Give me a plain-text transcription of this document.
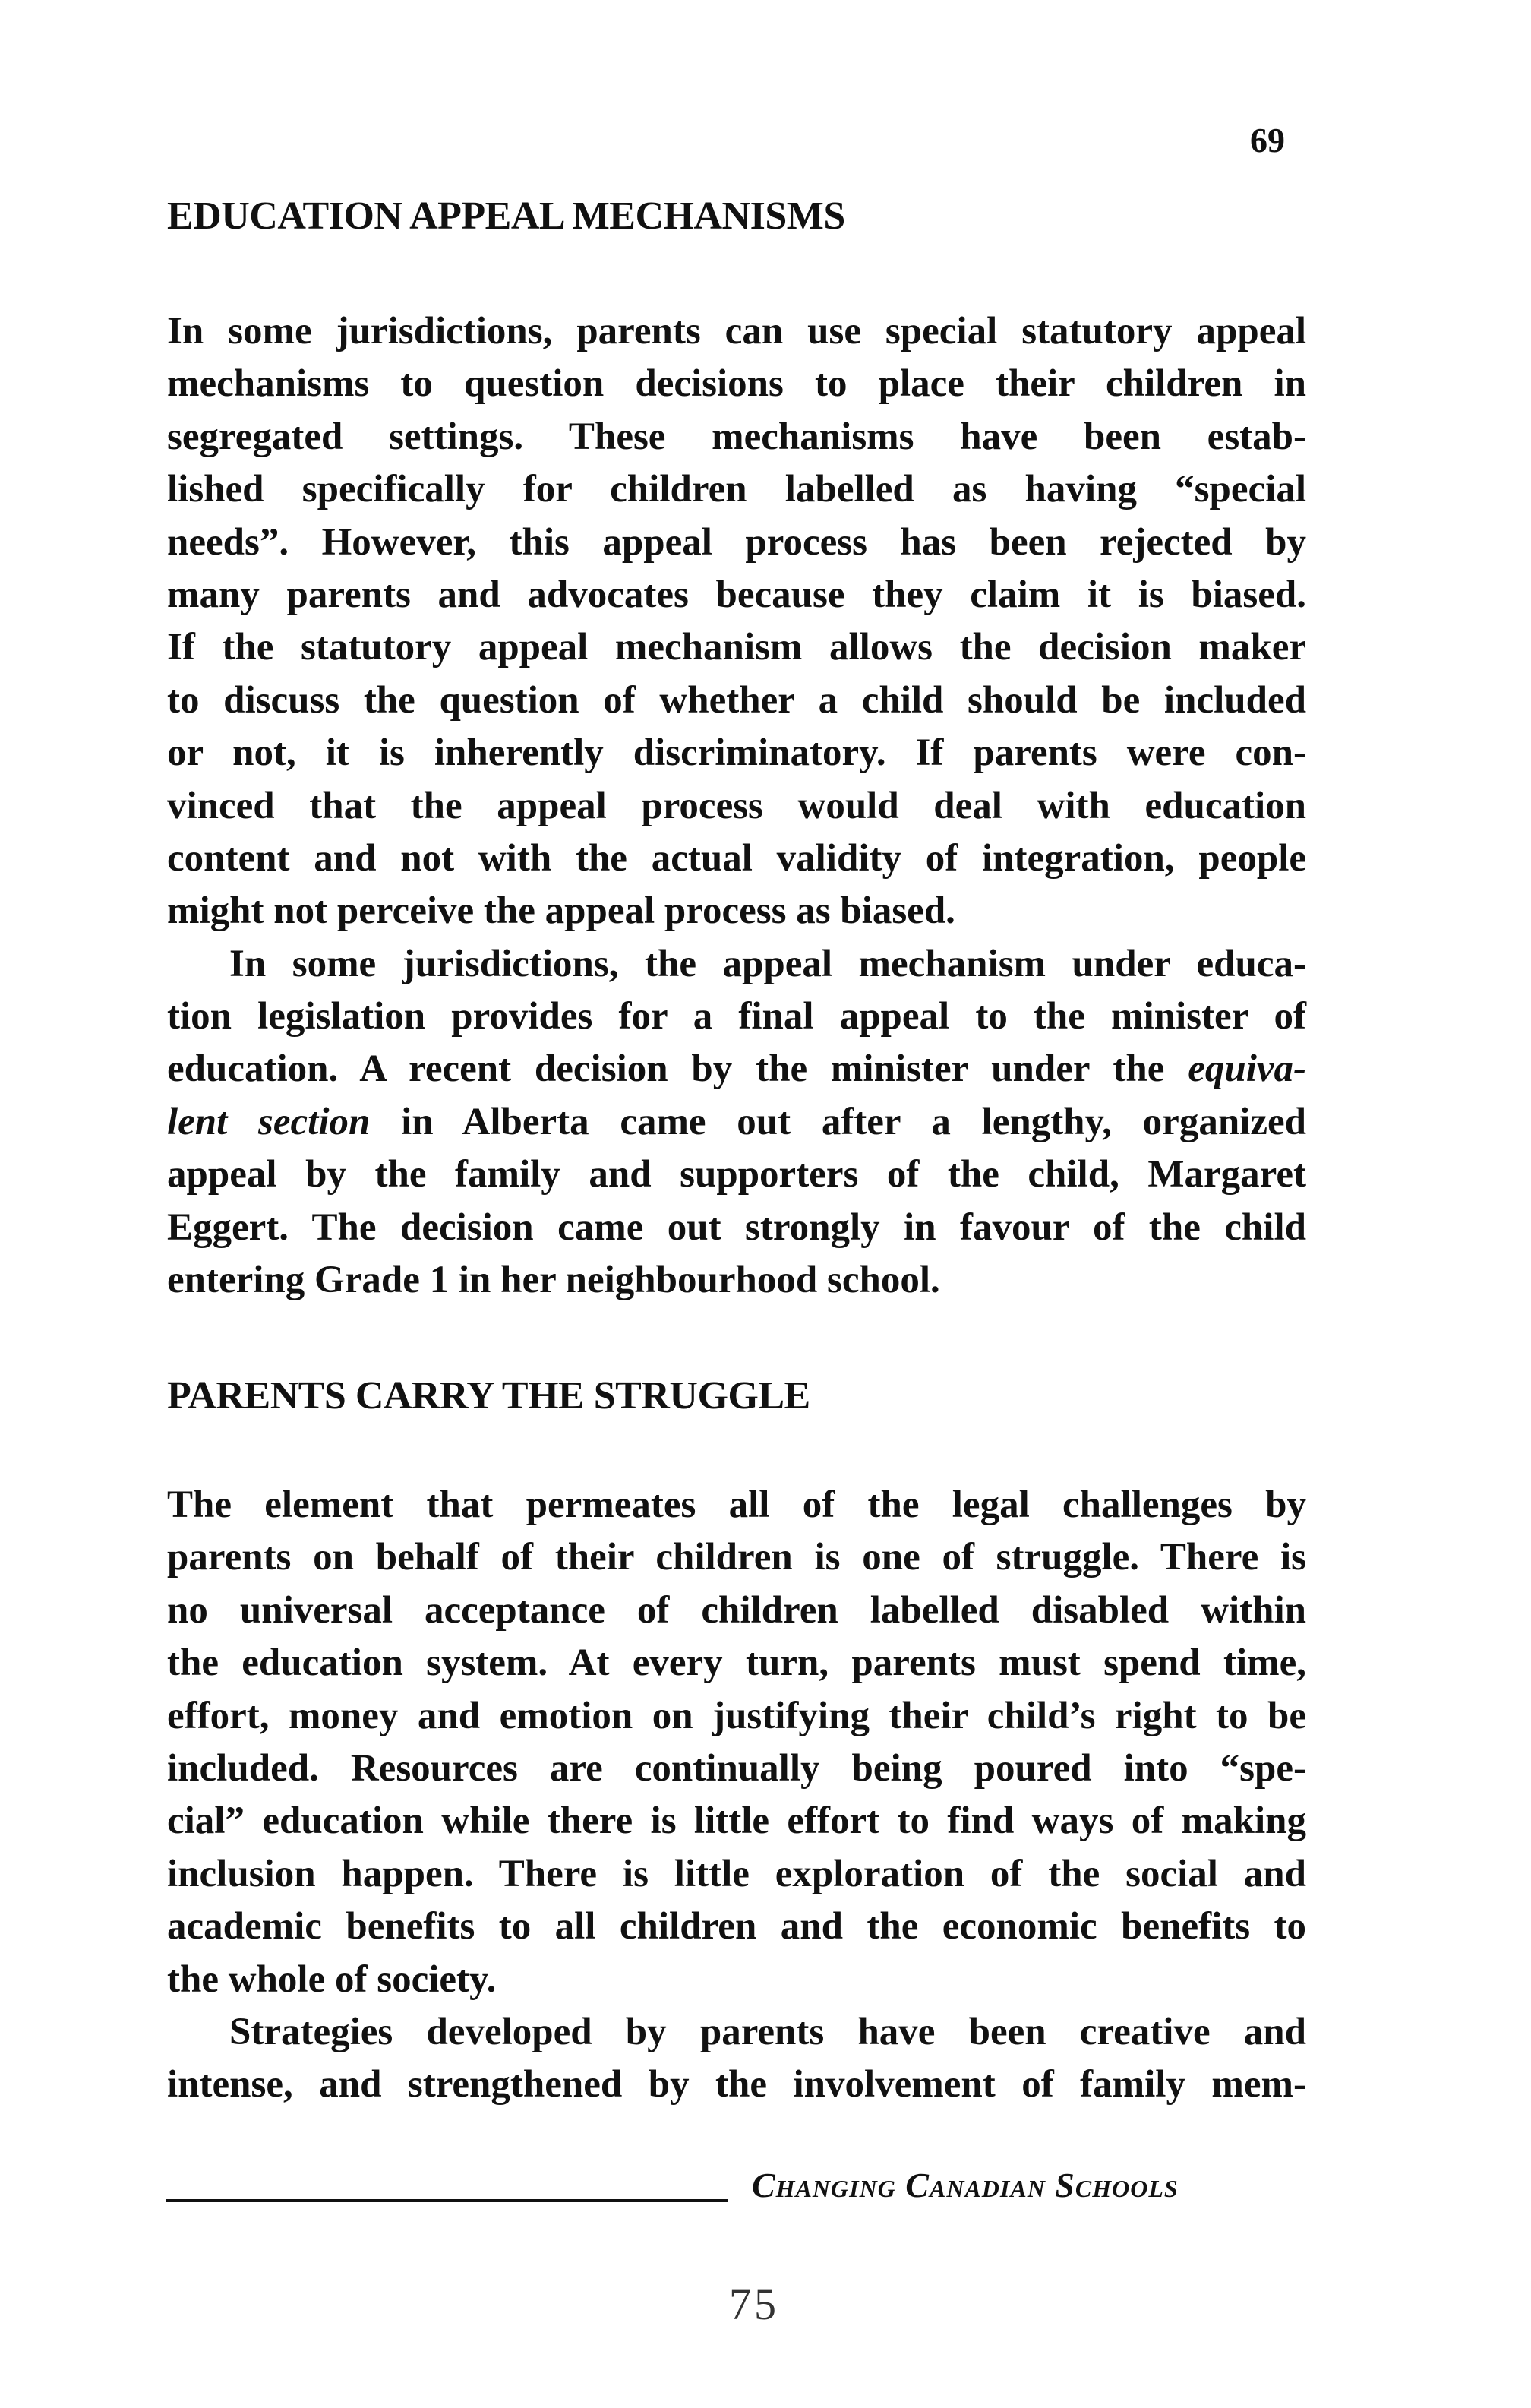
69
EDUCATION APPEAL MECHANISMS
In some jurisdictions, parents can use special statutory appeal
mechanisms to question decisions to place their children in
segregated settings. These mechanisms have been estab-
lished specifically for children labelled as having “special
needs”. However, this appeal process has been rejected by
many parents and advocates because they claim it is biased.
If the statutory appeal mechanism allows the decision maker
to discuss the question of whether a child should be included
or not, it is inherently discriminatory. If parents were con-
vinced that the appeal process would deal with education
content and not with the actual validity of integration, people
might not perceive the appeal process as biased.
In some jurisdictions, the appeal mechanism under educa-
tion legislation provides for a final appeal to the minister of
education. A recent decision by the minister under the equiva-
lent section in Alberta came out after a lengthy, organized
appeal by the family and supporters of the child, Margaret
Eggert. The decision came out strongly in favour of the child
entering Grade 1 in her neighbourhood school.
PARENTS CARRY THE STRUGGLE
The element that permeates all of the legal challenges by
parents on behalf of their children is one of struggle. There is
no universal acceptance of children labelled disabled within
the education system. At every turn, parents must spend time,
effort, money and emotion on justifying their child’s right to be
included. Resources are continually being poured into “spe-
cial” education while there is little effort to find ways of making
inclusion happen. There is little exploration of the social and
academic benefits to all children and the economic benefits to
the whole of society.
Strategies developed by parents have been creative and
intense, and strengthened by the involvement of family mem-
Changing Canadian Schools
75
